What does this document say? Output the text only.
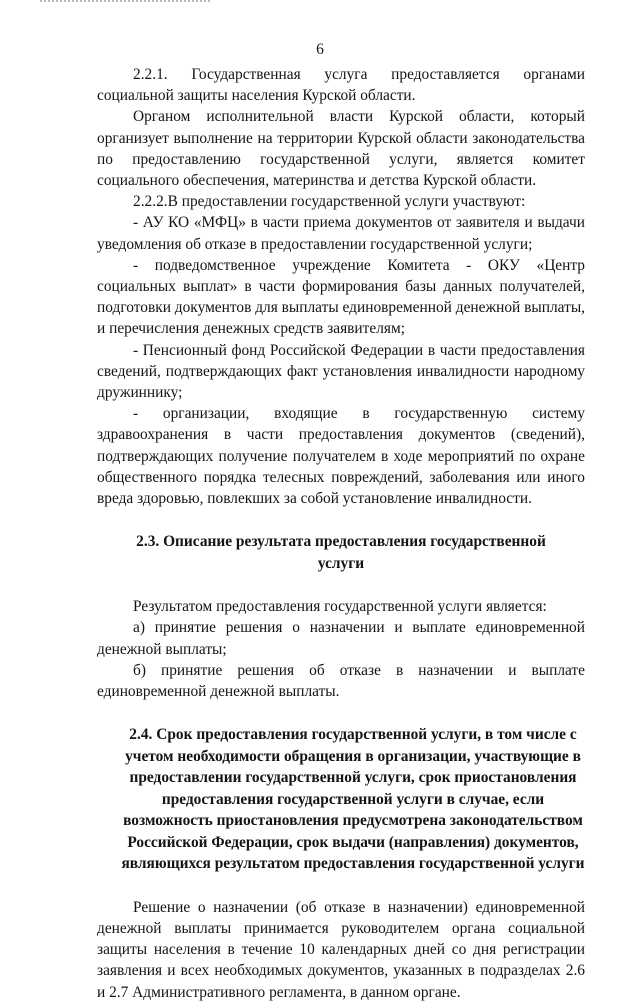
6

2.2.1. Государственная услуга предоставляется органами социальной защиты населения Курской области.

Органом исполнительной власти Курской области, который организует выполнение на территории Курской области законодательства по предоставлению государственной услуги, является комитет социального обеспечения, материнства и детства Курской области.

2.2.2.В предоставлении государственной услуги участвуют:

- АУ КО «МФЦ» в части приема документов от заявителя и выдачи уведомления об отказе в предоставлении государственной услуги;

- подведомственное учреждение Комитета - ОКУ «Центр социальных выплат» в части формирования базы данных получателей, подготовки документов для выплаты единовременной денежной выплаты, и перечисления денежных средств заявителям;

- Пенсионный фонд Российской Федерации в части предоставления сведений, подтверждающих факт установления инвалидности народному дружиннику;

- организации, входящие в государственную систему здравоохранения в части предоставления документов (сведений), подтверждающих получение получателем в ходе мероприятий по охране общественного порядка телесных повреждений, заболевания или иного вреда здоровью, повлекших за собой установление инвалидности.

2.3. Описание результата предоставления государственной услуги

Результатом предоставления государственной услуги является:

а) принятие решения о назначении и выплате единовременной денежной выплаты;

б) принятие решения об отказе в назначении и выплате единовременной денежной выплаты.

2.4. Срок предоставления государственной услуги, в том числе с учетом необходимости обращения в организации, участвующие в предоставлении государственной услуги, срок приостановления предоставления государственной услуги в случае, если возможность приостановления предусмотрена законодательством Российской Федерации, срок выдачи (направления) документов, являющихся результатом предоставления государственной услуги

Решение о назначении (об отказе в назначении) единовременной денежной выплаты принимается руководителем органа социальной защиты населения в течение 10 календарных дней со дня регистрации заявления и всех необходимых документов, указанных в подразделах 2.6 и 2.7 Административного регламента, в данном органе.
